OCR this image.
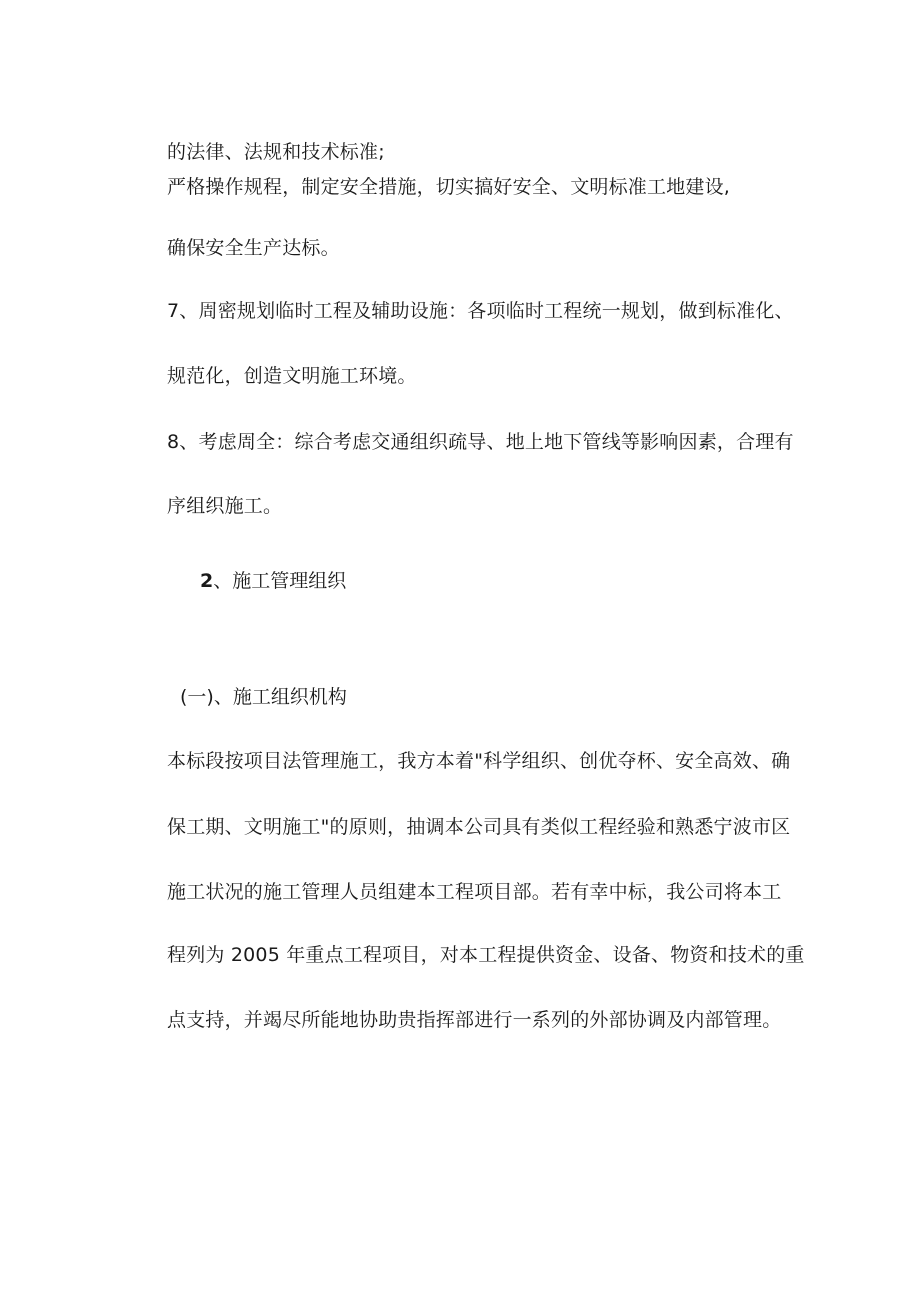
的法律、法规和技术标准;
严格操作规程，制定安全措施，切实搞好安全、文明标准工地建设,
确保安全生产达标。
7、周密规划临时工程及辅助设施：各项临时工程统一规划，做到标准化、
规范化，创造文明施工环境。
8、考虑周全：综合考虑交通组织疏导、地上地下管线等影响因素，合理有
序组织施工。
2、施工管理组织
(一)、施工组织机构
本标段按项目法管理施工，我方本着"科学组织、创优夺杯、安全高效、确
保工期、文明施工"的原则，抽调本公司具有类似工程经验和熟悉宁波市区
施工状况的施工管理人员组建本工程项目部。若有幸中标，我公司将本工
程列为 2005 年重点工程项目，对本工程提供资金、设备、物资和技术的重
点支持，并竭尽所能地协助贵指挥部进行一系列的外部协调及内部管理。
